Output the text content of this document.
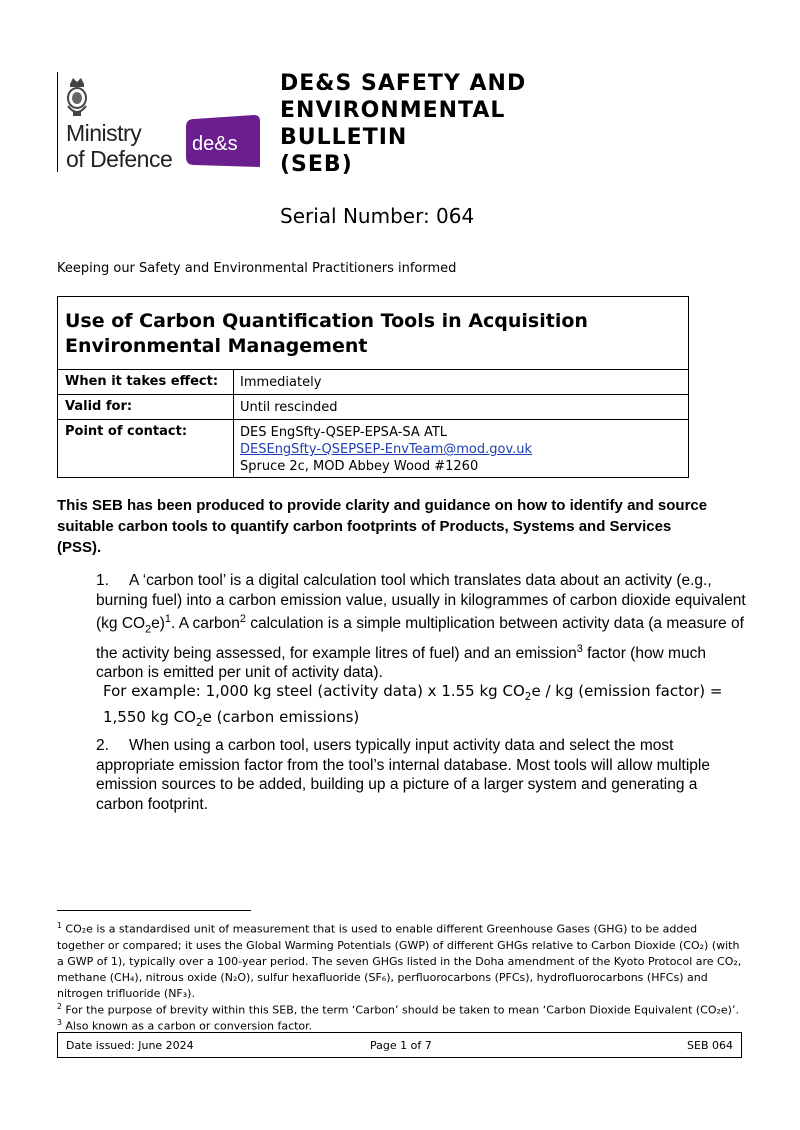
Ministry
of Defence
de&s
DE&S SAFETY AND
ENVIRONMENTAL
BULLETIN
(SEB)
Serial Number: 064
Keeping our Safety and Environmental Practitioners informed
Use of Carbon Quantification Tools in Acquisition Environmental Management
When it takes effect: Immediately
Valid for:	Until rescinded
Point of contact:	DES EngSfty-QSEP-EPSA-SA ATL
DESEngSfty-QSEPSEP-EnvTeam@mod.gov.uk
Spruce 2c, MOD Abbey Wood #1260
This SEB has been produced to provide clarity and guidance on how to identify and source suitable carbon tools to quantify carbon footprints of Products, Systems and Services (PSS).
1. A ‘carbon tool’ is a digital calculation tool which translates data about an activity (e.g., burning fuel) into a carbon emission value, usually in kilogrammes of carbon dioxide equivalent (kg $CO_2e)^1$. A carbon$^2$ calculation is a simple multiplication between activity data (a measure of the activity being assessed, for example litres of fuel) and an emission$^3$ factor (how much carbon is emitted per unit of activity data).
For example: 1,000 kg steel (activity data) x 1.55 kg $CO_2e$ / kg (emission factor) = 1,550 kg $CO_2e$ (carbon emissions)
2. When using a carbon tool, users typically input activity data and select the most appropriate emission factor from the tool’s internal database. Most tools will allow multiple emission sources to be added, building up a picture of a larger system and generating a carbon footprint.
$^1$ CO₂e is a standardised unit of measurement that is used to enable different Greenhouse Gases (GHG) to be added together or compared; it uses the Global Warming Potentials (GWP) of different GHGs relative to Carbon Dioxide (CO₂) (with a GWP of 1), typically over a 100-year period. The seven GHGs listed in the Doha amendment of the Kyoto Protocol are CO₂, methane (CH₄), nitrous oxide (N₂O), sulfur hexafluoride (SF₆), perfluorocarbons (PFCs), hydrofluorocarbons (HFCs) and nitrogen trifluoride (NF₃).
$^2$ For the purpose of brevity within this SEB, the term ‘Carbon’ should be taken to mean ‘Carbon Dioxide Equivalent (CO₂e)’.
$^3$ Also known as a carbon or conversion factor.
Date issued: June 2024	Page 1 of 7	SEB 064
